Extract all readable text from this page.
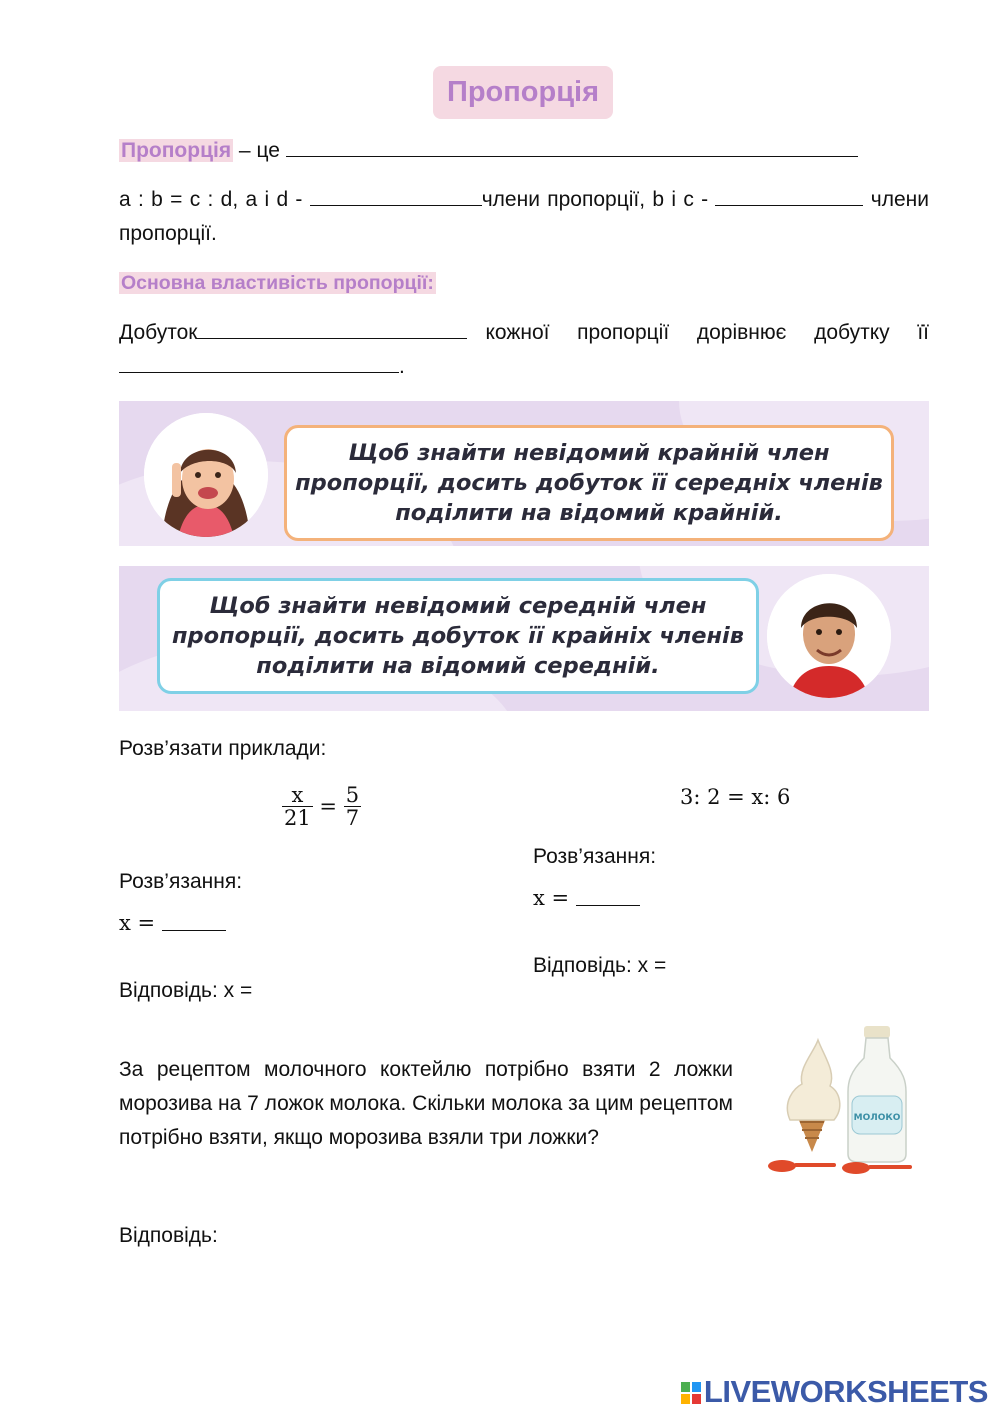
Пропорція
Пропорція – це
a : b = c : d, a і d -	члени пропорції, b і c -	члени пропорції.
Основна властивість пропорції:
Добуток	кожної пропорції дорівнює добутку її
.
Щоб знайти невідомий крайній член
пропорції, досить добуток її середніх членів
поділити на відомий крайній.
Щоб знайти невідомий середній член
пропорції, досить добуток її крайніх членів
поділити на відомий середній.
Розв’язати приклади:
$\frac{x}{21} = \frac{5}{7}$	3: 2 = x: 6
Розв’язання:
x =
Відповідь: x =
Розв’язання:
x =
Відповідь: x =
За рецептом молочного коктейлю потрібно взяти 2 ложки морозива на 7 ложок молока. Скільки молока за цим рецептом потрібно взяти, якщо морозива взяли три ложки?
МОЛОКО
Відповідь:
LIVEWORKSHEETS
